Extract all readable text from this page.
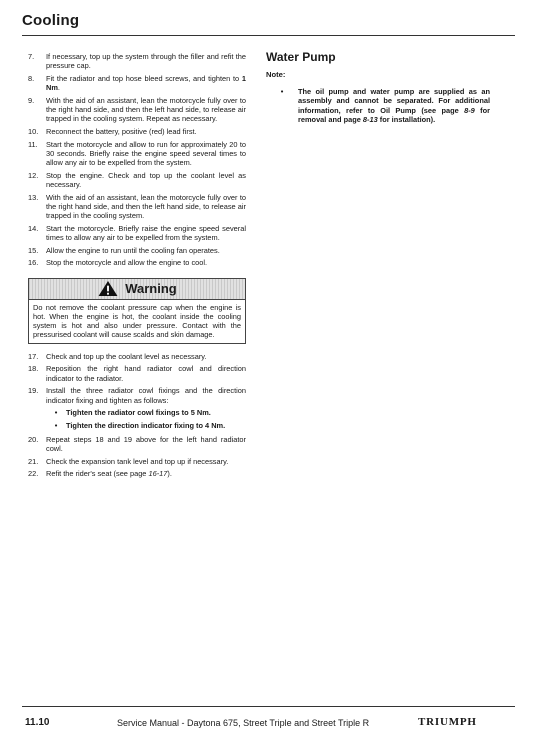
Cooling
7.	If necessary, top up the system through the filler and refit the pressure cap.
8.	Fit the radiator and top hose bleed screws, and tighten to 1 Nm.
9.	With the aid of an assistant, lean the motorcycle fully over to the right hand side, and then the left hand side, to release air trapped in the cooling system. Repeat as necessary.
10.	Reconnect the battery, positive (red) lead first.
11.	Start the motorcycle and allow to run for approximately 20 to 30 seconds. Briefly raise the engine speed several times to allow any air to be expelled from the system.
12.	Stop the engine. Check and top up the coolant level as necessary.
13.	With the aid of an assistant, lean the motorcycle fully over to the right hand side, and then the left hand side, to release air trapped in the cooling system.
14.	Start the motorcycle. Briefly raise the engine speed several times to allow any air to be expelled from the system.
15.	Allow the engine to run until the cooling fan operates.
16.	Stop the motorcycle and allow the engine to cool.
Warning
Do not remove the coolant pressure cap when the engine is hot. When the engine is hot, the coolant inside the cooling system is hot and also under pressure. Contact with the pressurised coolant will cause scalds and skin damage.
17.	Check and top up the coolant level as necessary.
18.	Reposition the right hand radiator cowl and direction indicator to the radiator.
19.	Install the three radiator cowl fixings and the direction indicator fixing and tighten as follows:
•	Tighten the radiator cowl fixings to 5 Nm.
•	Tighten the direction indicator fixing to 4 Nm.
20.	Repeat steps 18 and 19 above for the left hand radiator cowl.
21.	Check the expansion tank level and top up if necessary.
22.	Refit the rider's seat (see page 16-17).
Water Pump
Note:
•	The oil pump and water pump are supplied as an assembly and cannot be separated. For additional information, refer to Oil Pump (see page 8-9 for removal and page 8-13 for installation).
11.10	Service Manual - Daytona 675, Street Triple and Street Triple R	TRIUMPH
